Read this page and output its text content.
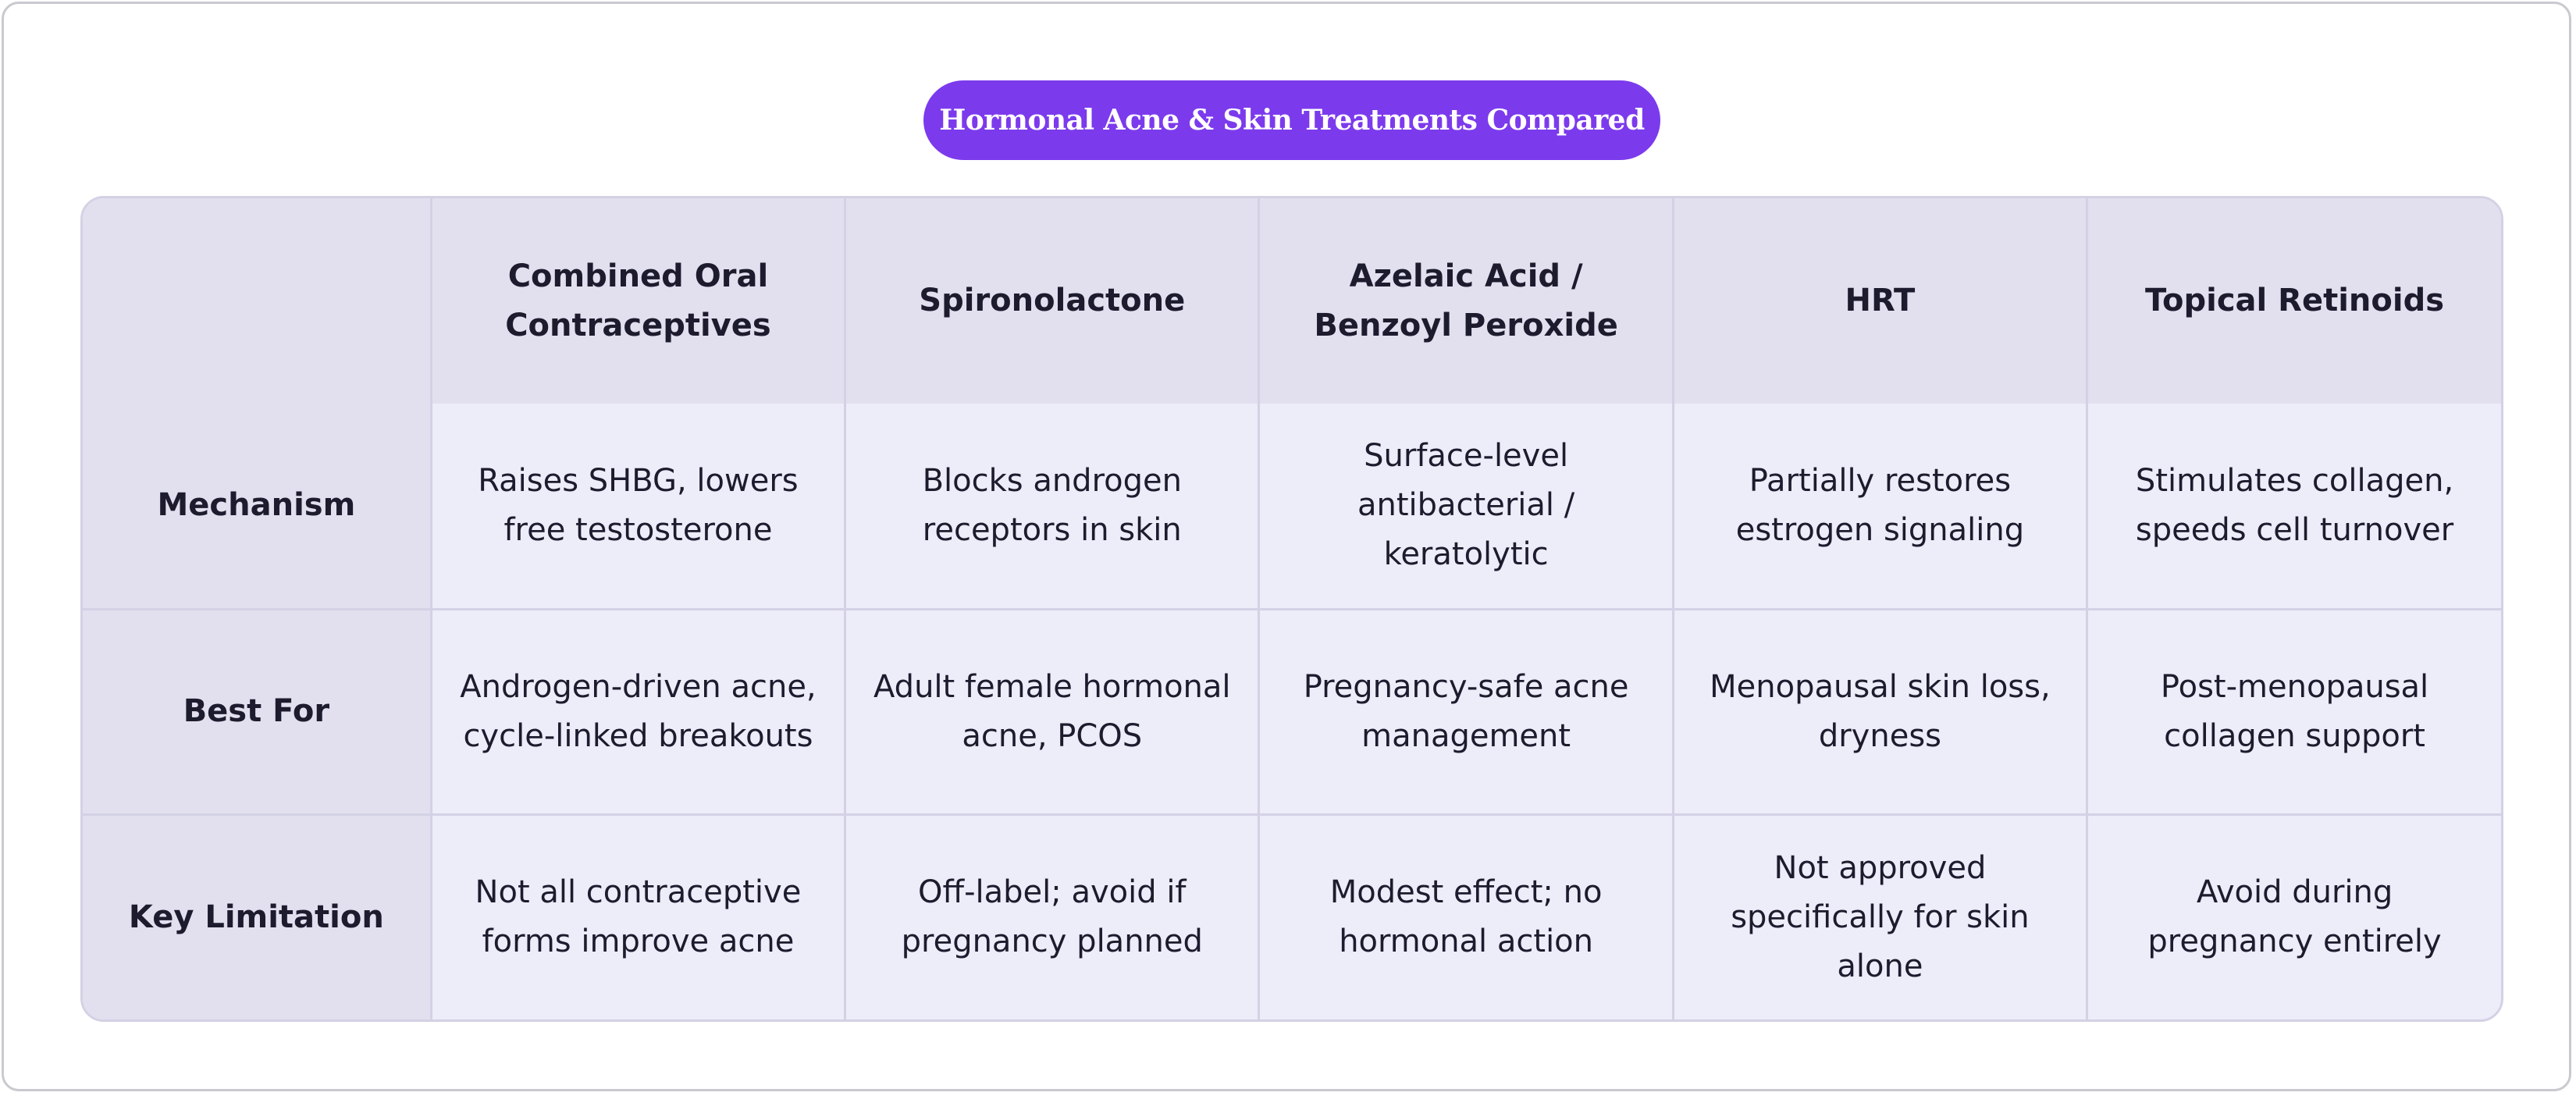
Hormonal Acne & Skin Treatments Compared
	Combined Oral Contraceptives	Spironolactone	Azelaic Acid / Benzoyl Peroxide	HRT	Topical Retinoids
Mechanism	Raises SHBG, lowers free testosterone	Blocks androgen receptors in skin	Surface-level antibacterial / keratolytic	Partially restores estrogen signaling	Stimulates collagen, speeds cell turnover
Best For	Androgen-driven acne, cycle-linked breakouts	Adult female hormonal acne, PCOS	Pregnancy-safe acne management	Menopausal skin loss, dryness	Post-menopausal collagen support
Key Limitation	Not all contraceptive forms improve acne	Off-label; avoid if pregnancy planned	Modest effect; no hormonal action	Not approved specifically for skin alone	Avoid during pregnancy entirely
